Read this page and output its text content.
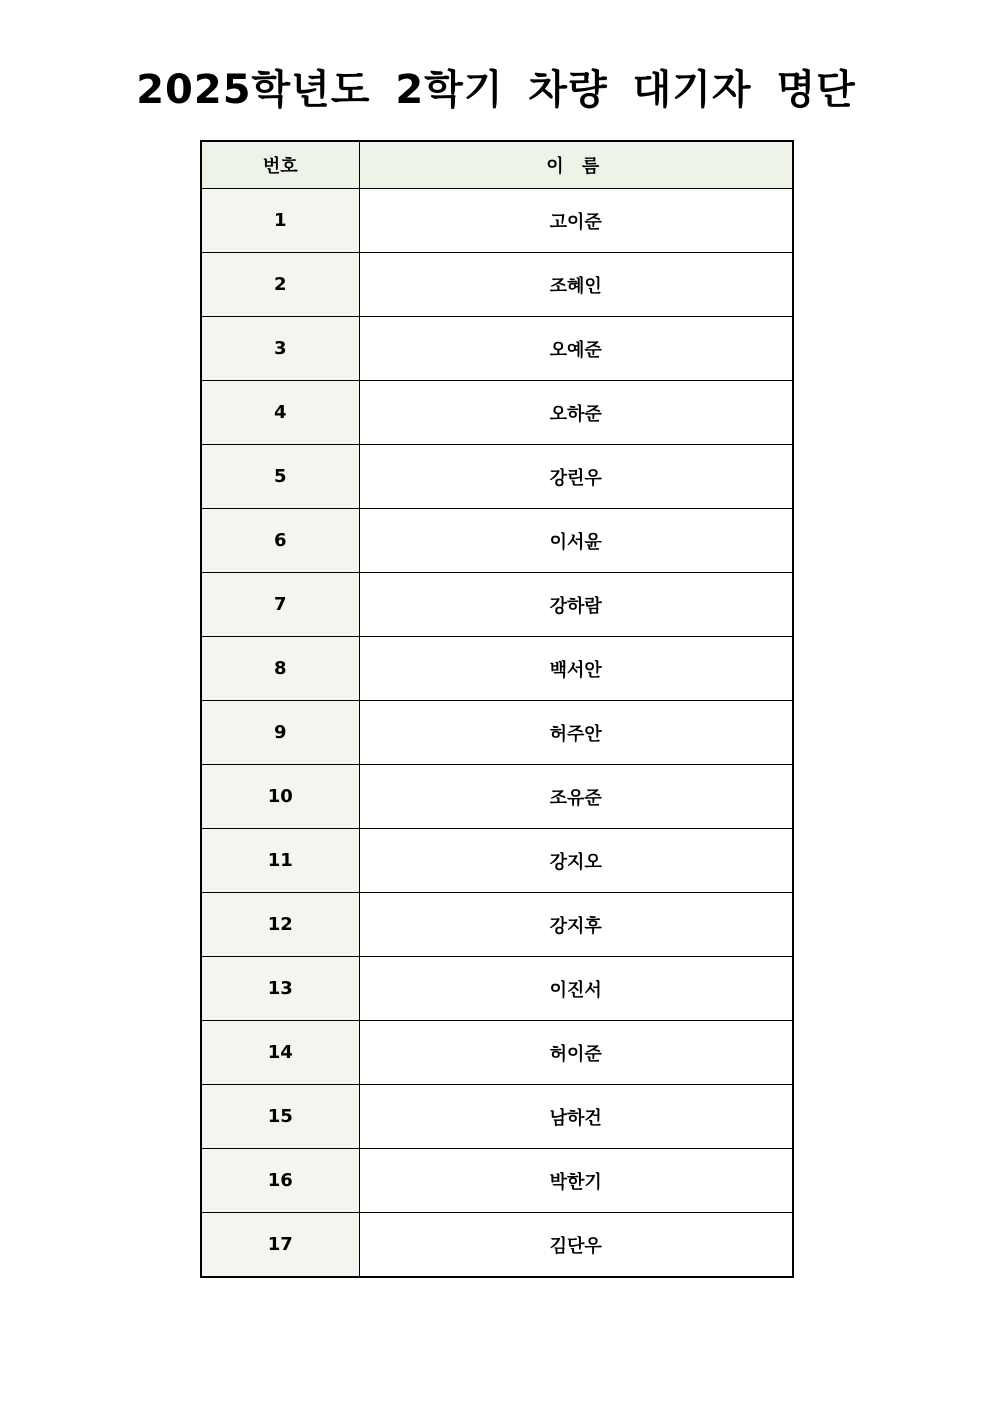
2025학년도 2학기 차량 대기자 명단
번호	이 름
1	고이준
2	조혜인
3	오예준
4	오하준
5	강린우
6	이서윤
7	강하람
8	백서안
9	허주안
10	조유준
11	강지오
12	강지후
13	이진서
14	허이준
15	남하건
16	박한기
17	김단우
